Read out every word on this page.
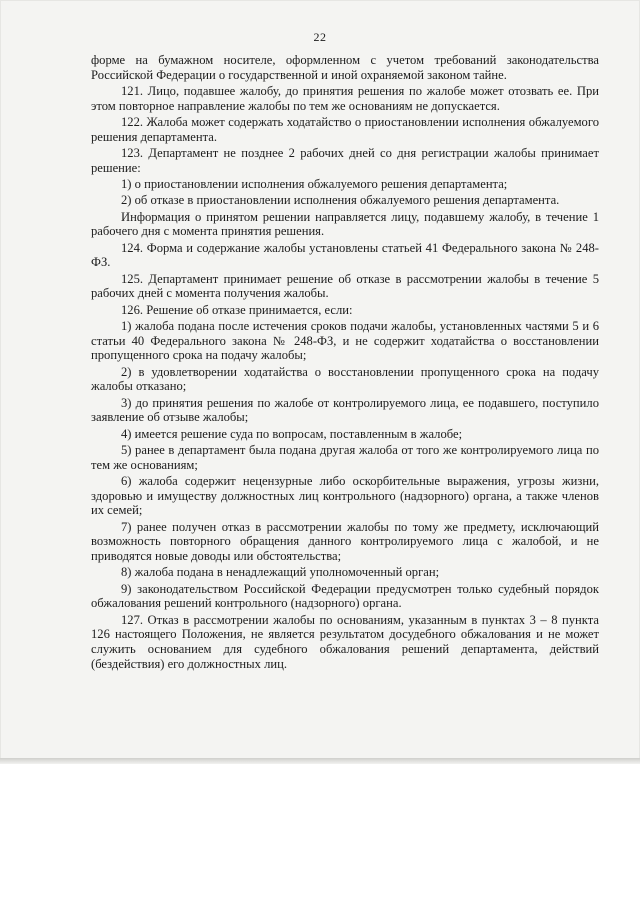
22

форме на бумажном носителе, оформленном с учетом требований законодательства Российской Федерации о государственной и иной охраняемой законом тайне.

121. Лицо, подавшее жалобу, до принятия решения по жалобе может отозвать ее. При этом повторное направление жалобы по тем же основаниям не допускается.

122. Жалоба может содержать ходатайство о приостановлении исполнения обжалуемого решения департамента.

123. Департамент не позднее 2 рабочих дней со дня регистрации жалобы принимает решение:

1) о приостановлении исполнения обжалуемого решения департамента;

2) об отказе в приостановлении исполнения обжалуемого решения департамента.

Информация о принятом решении направляется лицу, подавшему жалобу, в течение 1 рабочего дня с момента принятия решения.

124. Форма и содержание жалобы установлены статьей 41 Федерального закона № 248-ФЗ.

125. Департамент принимает решение об отказе в рассмотрении жалобы в течение 5 рабочих дней с момента получения жалобы.

126. Решение об отказе принимается, если:

1) жалоба подана после истечения сроков подачи жалобы, установленных частями 5 и 6 статьи 40 Федерального закона № 248-ФЗ, и не содержит ходатайства о восстановлении пропущенного срока на подачу жалобы;

2) в удовлетворении ходатайства о восстановлении пропущенного срока на подачу жалобы отказано;

3) до принятия решения по жалобе от контролируемого лица, ее подавшего, поступило заявление об отзыве жалобы;

4) имеется решение суда по вопросам, поставленным в жалобе;

5) ранее в департамент была подана другая жалоба от того же контролируемого лица по тем же основаниям;

6) жалоба содержит нецензурные либо оскорбительные выражения, угрозы жизни, здоровью и имуществу должностных лиц контрольного (надзорного) органа, а также членов их семей;

7) ранее получен отказ в рассмотрении жалобы по тому же предмету, исключающий возможность повторного обращения данного контролируемого лица с жалобой, и не приводятся новые доводы или обстоятельства;

8) жалоба подана в ненадлежащий уполномоченный орган;

9) законодательством Российской Федерации предусмотрен только судебный порядок обжалования решений контрольного (надзорного) органа.

127. Отказ в рассмотрении жалобы по основаниям, указанным в пунктах 3 – 8 пункта 126 настоящего Положения, не является результатом досудебного обжалования и не может служить основанием для судебного обжалования решений департамента, действий (бездействия) его должностных лиц.
